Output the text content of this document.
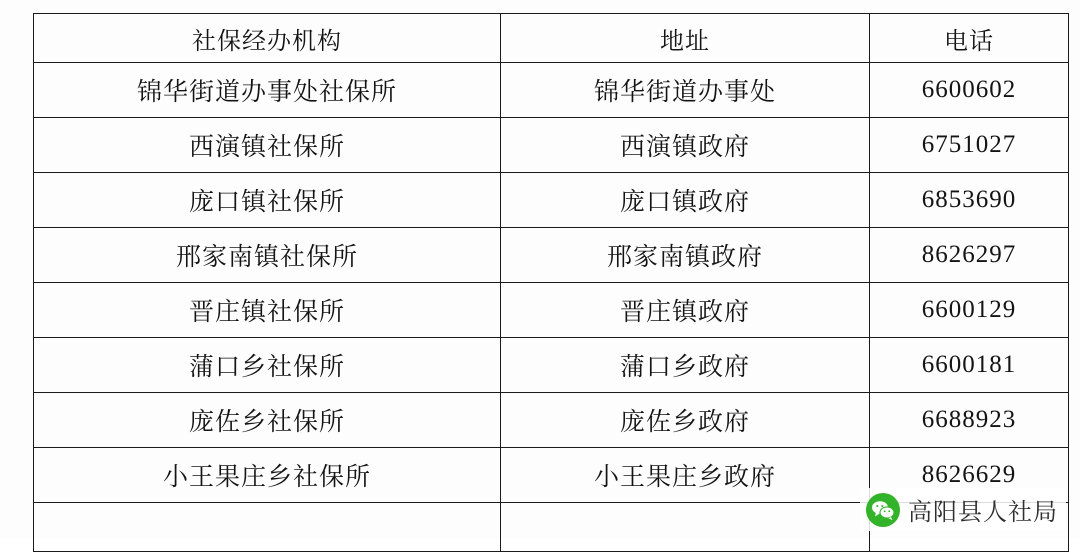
社保经办机构	地址	电话
锦华街道办事处社保所	锦华街道办事处	6600602
西演镇社保所	西演镇政府	6751027
庞口镇社保所	庞口镇政府	6853690
邢家南镇社保所	邢家南镇政府	8626297
晋庄镇社保所	晋庄镇政府	6600129
蒲口乡社保所	蒲口乡政府	6600181
庞佐乡社保所	庞佐乡政府	6688923
小王果庄乡社保所	小王果庄乡政府	8626629

高阳县人社局
